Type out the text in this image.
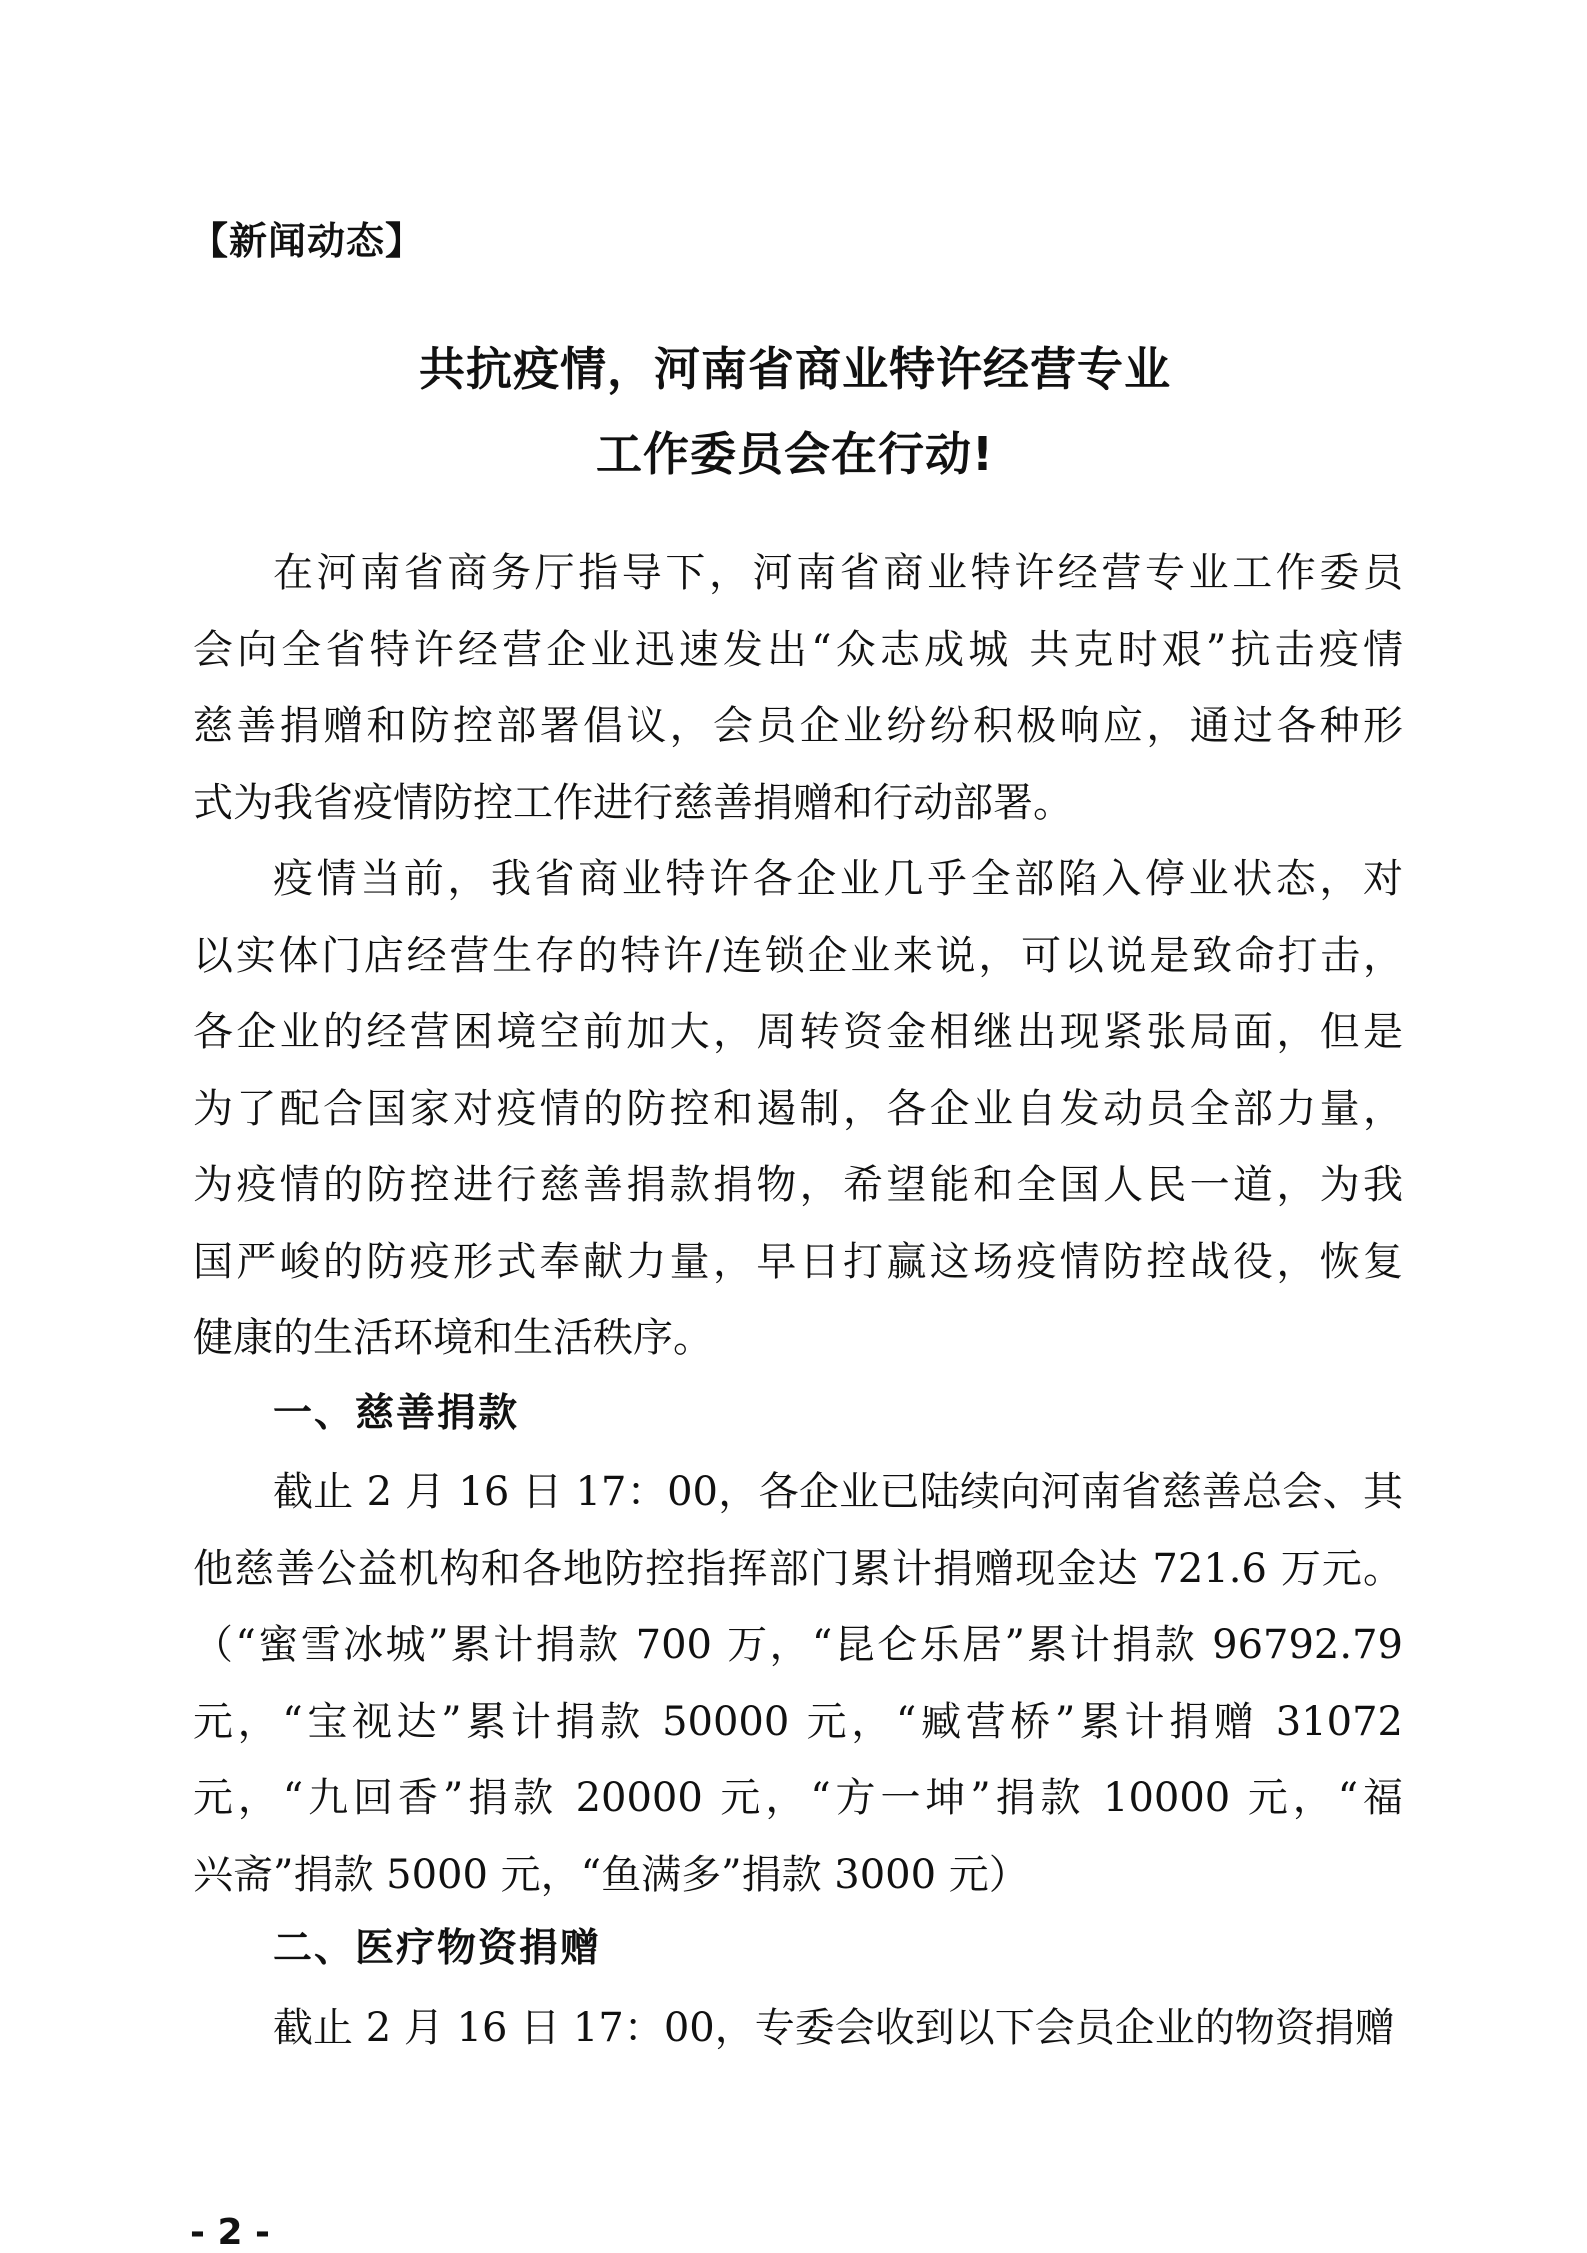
【新闻动态】
共抗疫情，河南省商业特许经营专业
工作委员会在行动!

在河南省商务厅指导下，河南省商业特许经营专业工作委员
会向全省特许经营企业迅速发出“众志成城 共克时艰”抗击疫情
慈善捐赠和防控部署倡议，会员企业纷纷积极响应，通过各种形
式为我省疫情防控工作进行慈善捐赠和行动部署。

疫情当前，我省商业特许各企业几乎全部陷入停业状态，对
以实体门店经营生存的特许/连锁企业来说，可以说是致命打击，
各企业的经营困境空前加大，周转资金相继出现紧张局面，但是
为了配合国家对疫情的防控和遏制，各企业自发动员全部力量，
为疫情的防控进行慈善捐款捐物，希望能和全国人民一道，为我
国严峻的防疫形式奉献力量，早日打赢这场疫情防控战役，恢复
健康的生活环境和生活秩序。

一、慈善捐款

截止 2 月 16 日 17：00，各企业已陆续向河南省慈善总会、其
他慈善公益机构和各地防控指挥部门累计捐赠现金达 721.6 万元。
（“蜜雪冰城”累计捐款 700 万，“昆仑乐居”累计捐款 96792.79
元，“宝视达”累计捐款 50000 元，“臧营桥”累计捐赠 31072
元，“九回香”捐款 20000 元，“方一坤”捐款 10000 元，“福
兴斋”捐款 5000 元，“鱼满多”捐款 3000 元）

二、医疗物资捐赠

截止 2 月 16 日 17：00，专委会收到以下会员企业的物资捐赠

- 2 -
